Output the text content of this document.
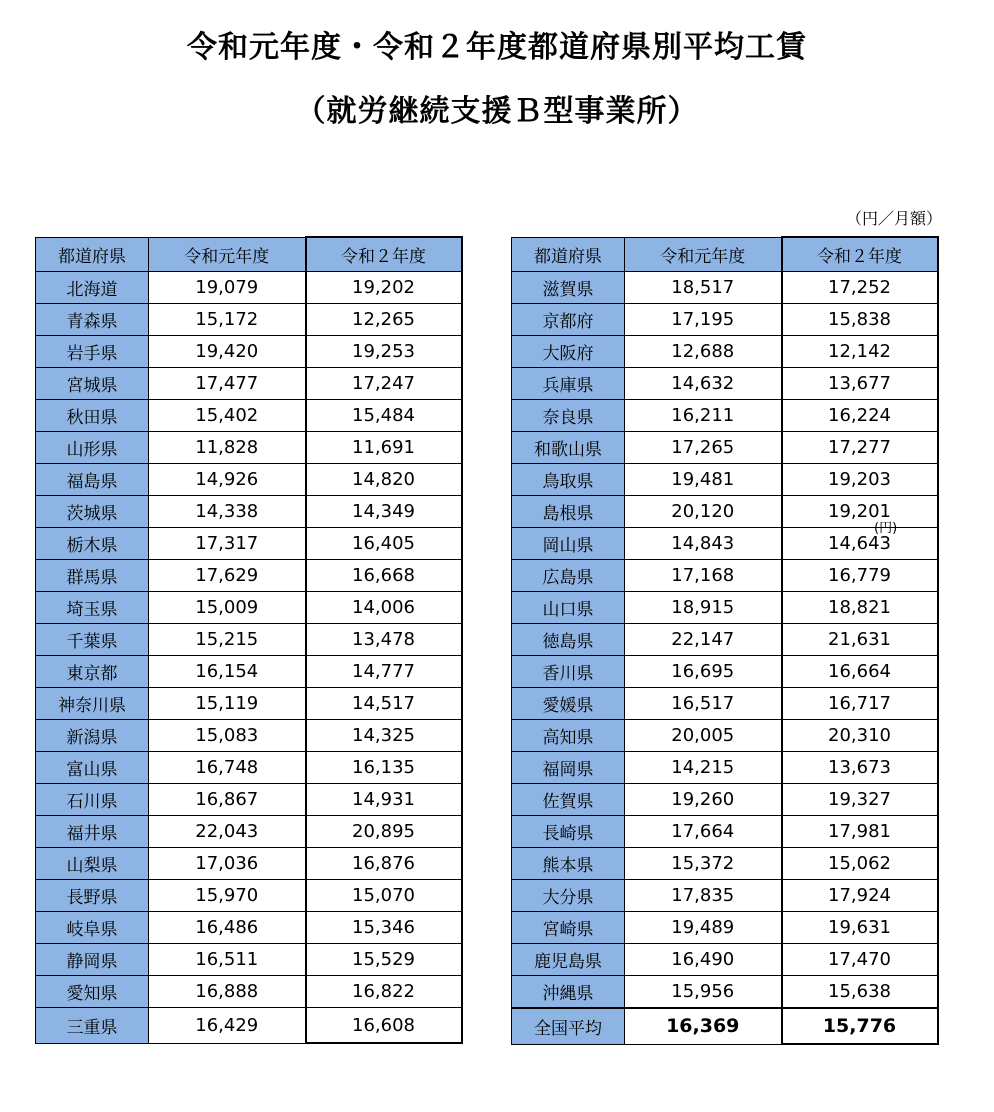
令和元年度・令和２年度都道府県別平均工賃
（就労継続支援Ｂ型事業所）
（円／月額）
都道府県	令和元年度	令和２年度
北海道	19,079	19,202
青森県	15,172	12,265
岩手県	19,420	19,253
宮城県	17,477	17,247
秋田県	15,402	15,484
山形県	11,828	11,691
福島県	14,926	14,820
茨城県	14,338	14,349
栃木県	17,317	16,405
群馬県	17,629	16,668
埼玉県	15,009	14,006
千葉県	15,215	13,478
東京都	16,154	14,777
神奈川県	15,119	14,517
新潟県	15,083	14,325
富山県	16,748	16,135
石川県	16,867	14,931
福井県	22,043	20,895
山梨県	17,036	16,876
長野県	15,970	15,070
岐阜県	16,486	15,346
静岡県	16,511	15,529
愛知県	16,888	16,822
三重県	16,429	16,608
都道府県	令和元年度	令和２年度
滋賀県	18,517	17,252
京都府	17,195	15,838
大阪府	12,688	12,142
兵庫県	14,632	13,677
奈良県	16,211	16,224
和歌山県	17,265	17,277
鳥取県	19,481	19,203
島根県	20,120	19,201
岡山県	14,843	14,643
広島県	17,168	16,779
山口県	18,915	18,821
徳島県	22,147	21,631
香川県	16,695	16,664
愛媛県	16,517	16,717
高知県	20,005	20,310
福岡県	14,215	13,673
佐賀県	19,260	19,327
長崎県	17,664	17,981
熊本県	15,372	15,062
大分県	17,835	17,924
宮崎県	19,489	19,631
鹿児島県	16,490	17,470
沖縄県	15,956	15,638
全国平均	16,369	15,776
(円)
